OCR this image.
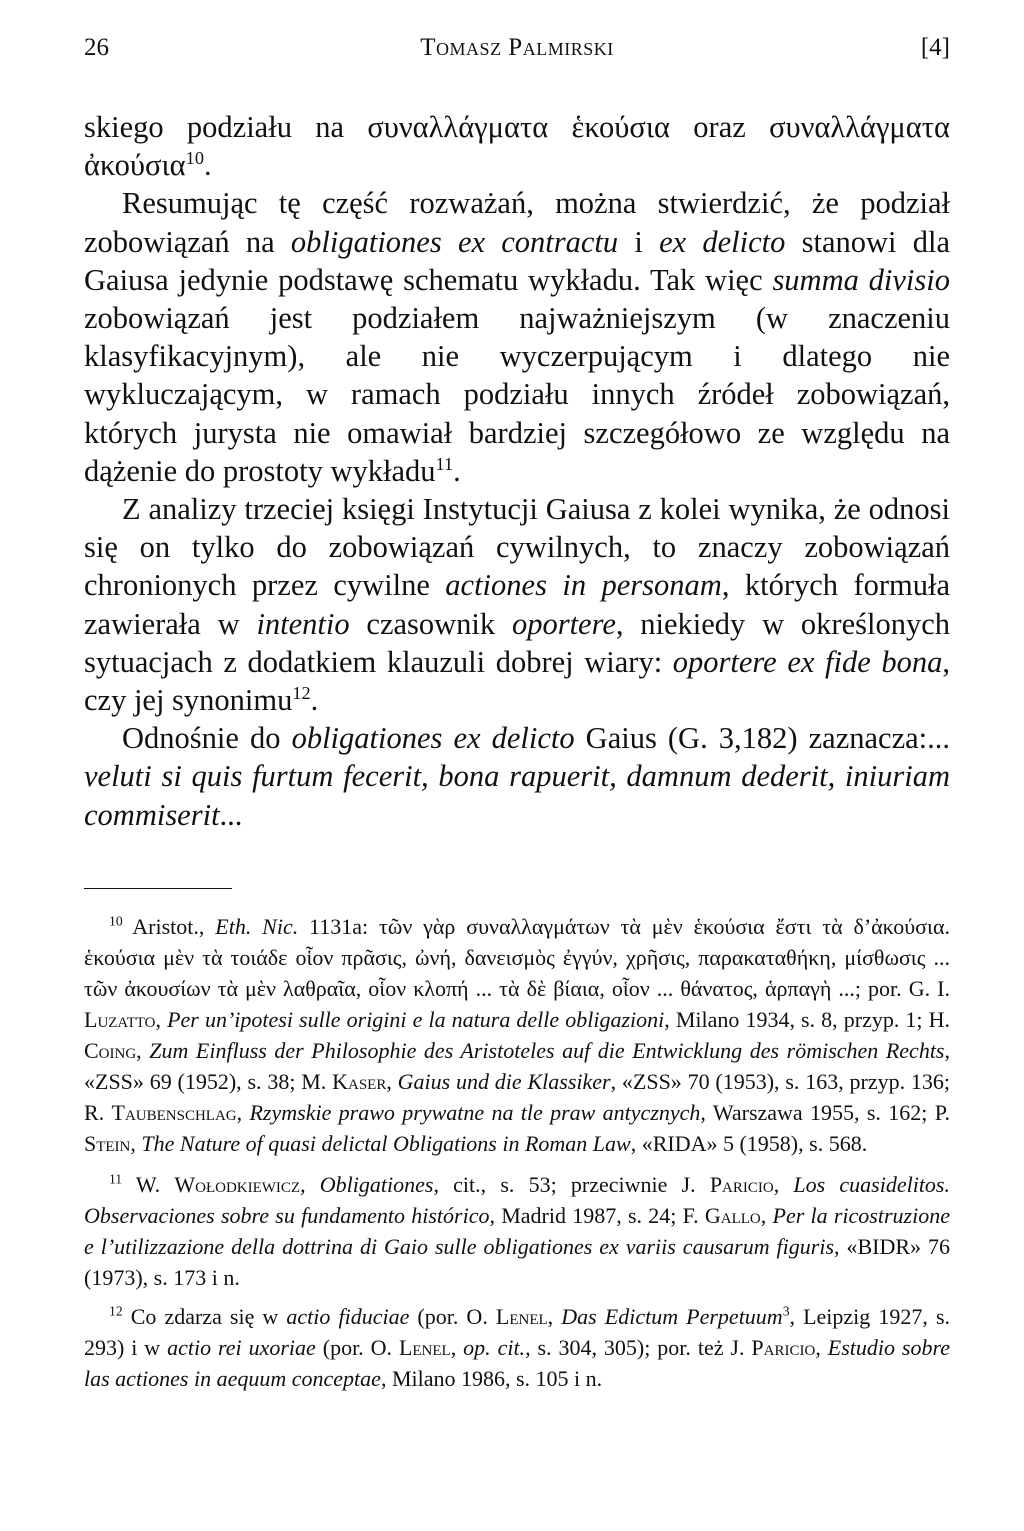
26	Tomasz Palmirski	[4]

skiego podziału na συναλλάγματα ἑκούσια oraz συναλλάγματα ἀκούσια$^{10}$.

Resumując tę część rozważań, można stwierdzić, że podział zobowiązań na obligationes ex contractu i ex delicto stanowi dla Gaiusa jedynie podstawę schematu wykładu. Tak więc summa divisio zobowiązań jest podziałem najważniejszym (w znaczeniu klasyfikacyjnym), ale nie wyczerpującym i dlatego nie wykluczającym, w ramach podziału innych źródeł zobowiązań, których jurysta nie omawiał bardziej szczegółowo ze względu na dążenie do prostoty wykładu$^{11}$.

Z analizy trzeciej księgi Instytucji Gaiusa z kolei wynika, że odnosi się on tylko do zobowiązań cywilnych, to znaczy zobowiązań chronionych przez cywilne actiones in personam, których formuła zawierała w intentio czasownik oportere, niekiedy w określonych sytuacjach z dodatkiem klauzuli dobrej wiary: oportere ex fide bona, czy jej synonimu$^{12}$.

Odnośnie do obligationes ex delicto Gaius (G. 3,182) zaznacza:... veluti si quis furtum fecerit, bona rapuerit, damnum dederit, iniuriam commiserit...

$^{10}$ Aristot., Eth. Nic. 1131a: τῶν γὰρ συναλλαγμάτων τὰ μὲν ἑκούσια ἔστι τὰ δ’ἀκούσια. ἑκούσια μὲν τὰ τοιάδε οἷον πρᾶσις, ὠνή, δανεισμὸς ἐγγύν, χρῆσις, παρακαταθήκη, μίσθωσις ... τῶν ἀκουσίων τὰ μὲν λαθραῖα, οἷον κλοπή ... τὰ δὲ βίαια, οἷον ... θάνατος, ἁρπαγὴ ...; por. G. I. Luzatto, Per un’ipotesi sulle origini e la natura delle obligazioni, Milano 1934, s. 8, przyp. 1; H. Coing, Zum Einfluss der Philosophie des Aristoteles auf die Entwicklung des römischen Rechts, «ZSS» 69 (1952), s. 38; M. Kaser, Gaius und die Klassiker, «ZSS» 70 (1953), s. 163, przyp. 136; R. Taubenschlag, Rzymskie prawo prywatne na tle praw antycznych, Warszawa 1955, s. 162; P. Stein, The Nature of quasi delictal Obligations in Roman Law, «RIDA» 5 (1958), s. 568.

$^{11}$ W. Wołodkiewicz, Obligationes, cit., s. 53; przeciwnie J. Paricio, Los cuasidelitos. Observaciones sobre su fundamento histórico, Madrid 1987, s. 24; F. Gallo, Per la ricostruzione e l’utilizzazione della dottrina di Gaio sulle obligationes ex variis causarum figuris, «BIDR» 76 (1973), s. 173 i n.

$^{12}$ Co zdarza się w actio fiduciae (por. O. Lenel, Das Edictum Perpetuum$^3$, Leipzig 1927, s. 293) i w actio rei uxoriae (por. O. Lenel, op. cit., s. 304, 305); por. też J. Paricio, Estudio sobre las actiones in aequum conceptae, Milano 1986, s. 105 i n.
